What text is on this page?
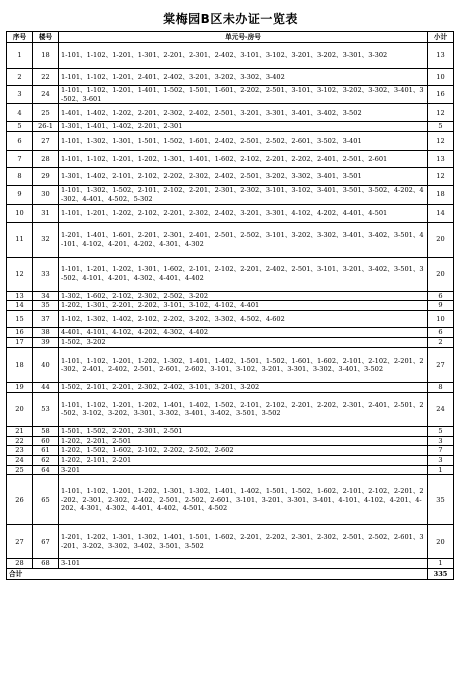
棠梅园B区未办证一览表
序号	楼号	单元号-房号	小计
1	18	1-101、1-102、1-201、1-301、2-201、2-301、2-402、3-101、3-102、3-201、3-202、3-301、3-302	13
2	22	1-101、1-102、1-201、2-401、2-402、3-201、3-202、3-302、3-402	10
3	24	1-101、1-102、1-201、1-401、1-502、1-501、1-601、2-202、2-501、3-101、3-102、3-202、3-302、3-401、3-502、3-601	16
4	25	1-401、1-402、1-202、2-201、2-302、2-402、2-501、3-201、3-301、3-401、3-402、3-502	12
5	26-1	1-301、1-401、1-402、2-201、2-301	5
6	27	1-101、1-302、1-301、1-501、1-502、1-601、2-402、2-501、2-502、2-601、3-502、3-401	12
7	28	1-101、1-102、1-201、1-202、1-301、1-401、1-602、2-102、2-201、2-202、2-401、2-501、2-601	13
8	29	1-301、1-402、2-101、2-102、2-202、2-302、2-402、2-501、3-202、3-302、3-401、3-501	12
9	30	1-101、1-302、1-502、2-101、2-102、2-201、2-301、2-302、3-101、3-102、3-401、3-501、3-502、4-202、4-302、4-401、4-502、5-302	18
10	31	1-101、1-201、1-202、2-102、2-201、2-302、2-402、3-201、3-301、4-102、4-202、4-401、4-501	14
11	32	1-201、1-401、1-601、2-201、2-301、2-401、2-501、2-502、3-101、3-202、3-302、3-401、3-402、3-501、4-101、4-102、4-201、4-202、4-301、4-302	20
12	33	1-101、1-201、1-202、1-301、1-602、2-101、2-102、2-201、2-402、2-501、3-101、3-201、3-402、3-501、3-502、4-101、4-201、4-302、4-401、4-402	20
13	34	1-302、1-602、2-102、2-302、2-502、3-202	6
14	35	1-202、1-301、2-201、2-202、3-101、3-102、4-102、4-401	9
15	37	1-102、1-302、1-402、2-102、2-202、3-202、3-302、4-502、4-602	10
16	38	4-401、4-101、4-102、4-202、4-302、4-402	6
17	39	1-502、3-202	2
18	40	1-101、1-102、1-201、1-202、1-302、1-401、1-402、1-501、1-502、1-601、1-602、2-101、2-102、2-201、2-302、2-401、2-402、2-501、2-601、2-602、3-101、3-102、3-201、3-301、3-302、3-401、3-502	27
19	44	1-502、2-101、2-201、2-302、2-402、3-101、3-201、3-202	8
20	53	1-101、1-102、1-201、1-202、1-401、1-402、1-502、2-101、2-102、2-201、2-202、2-301、2-401、2-501、2-502、3-102、3-202、3-301、3-302、3-401、3-402、3-501、3-502	24
21	58	1-501、1-502、2-201、2-301、2-501	5
22	60	1-202、2-201、2-501	3
23	61	1-202、1-502、1-602、2-102、2-202、2-502、2-602	7
24	62	1-202、2-101、2-201	3
25	64	3-201	1
26	65	1-101、1-102、1-201、1-202、1-301、1-302、1-401、1-402、1-501、1-502、1-602、2-101、2-102、2-201、2-202、2-301、2-302、2-402、2-501、2-502、2-601、3-101、3-201、3-301、3-401、4-101、4-102、4-201、4-202、4-301、4-302、4-401、4-402、4-501、4-502	35
27	67	1-201、1-202、1-301、1-302、1-401、1-501、1-602、2-201、2-202、2-301、2-302、2-501、2-502、2-601、3-201、3-202、3-302、3-402、3-501、3-502	20
28	68	3-101	1
合计			335
